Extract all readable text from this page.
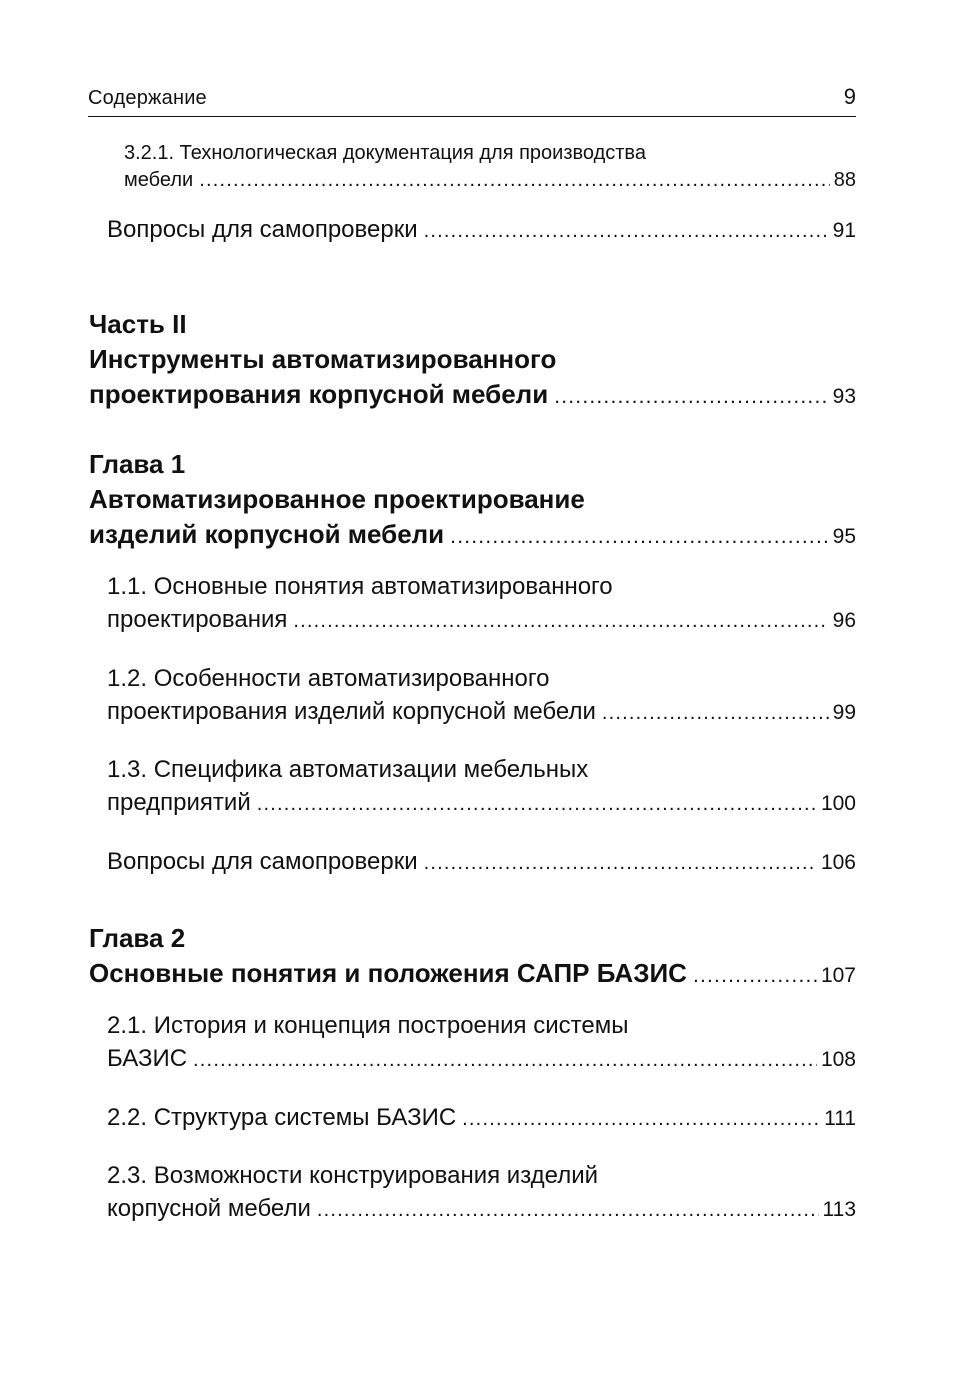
Содержание	9
3.2.1. Технологическая документация для производства
мебели .....	88
Вопросы для самопроверки .....	91
Часть II
Инструменты автоматизированного
проектирования корпусной мебели .....	93
Глава 1
Автоматизированное проектирование
изделий корпусной мебели .....	95
1.1. Основные понятия автоматизированного
проектирования .....	96
1.2. Особенности автоматизированного
проектирования изделий корпусной мебели .....	99
1.3. Специфика автоматизации мебельных
предприятий .....	100
Вопросы для самопроверки .....	106
Глава 2
Основные понятия и положения САПР БАЗИС .....	107
2.1. История и концепция построения системы
БАЗИС .....	108
2.2. Структура системы БАЗИС .....	111
2.3. Возможности конструирования изделий
корпусной мебели .....	113
